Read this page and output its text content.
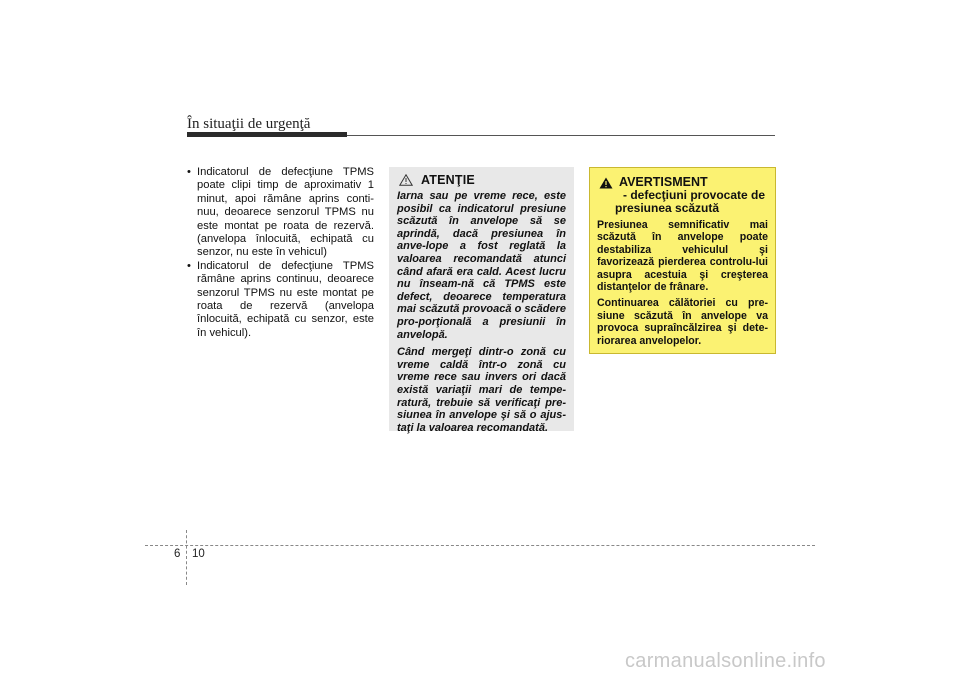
În situaţii de urgenţă
• Indicatorul de defecţiune TPMS poate clipi timp de aproximativ 1 minut, apoi rămâne aprins conti-nuu, deoarece senzorul TPMS nu este montat pe roata de rezervă. (anvelopa înlocuită, echipată cu senzor, nu este în vehicul)
• Indicatorul de defecţiune TPMS rămâne aprins continuu, deoarece senzorul TPMS nu este montat pe roata de rezervă (anvelopa înlocuită, echipată cu senzor, este în vehicul).
ATENŢIE

Iarna sau pe vreme rece, este posibil ca indicatorul presiune scăzută în anvelope să se aprindă, dacă presiunea în anve-lope a fost reglată la valoarea recomandată atunci când afară era cald. Acest lucru nu înseam-nă că TPMS este defect, deoarece temperatura mai scăzută provoacă o scădere pro-porţională a presiunii în anvelopă.

Când mergeţi dintr-o zonă cu vreme caldă într-o zonă cu vreme rece sau invers ori dacă există variaţii mari de tempe-ratură, trebuie să verificaţi pre-siunea în anvelope şi să o ajus-taţi la valoarea recomandată.

AVERTISMENT
- defecţiuni provocate de
presiunea scăzută

Presiunea semnificativ mai scăzută în anvelope poate destabiliza vehiculul şi favorizează pierderea controlu-lui asupra acestuia şi creşterea distanţelor de frânare.

Continuarea călătoriei cu pre-siune scăzută în anvelope va provoca supraîncălzirea şi dete-riorarea anvelopelor.

6 10
carmanualsonline.info
